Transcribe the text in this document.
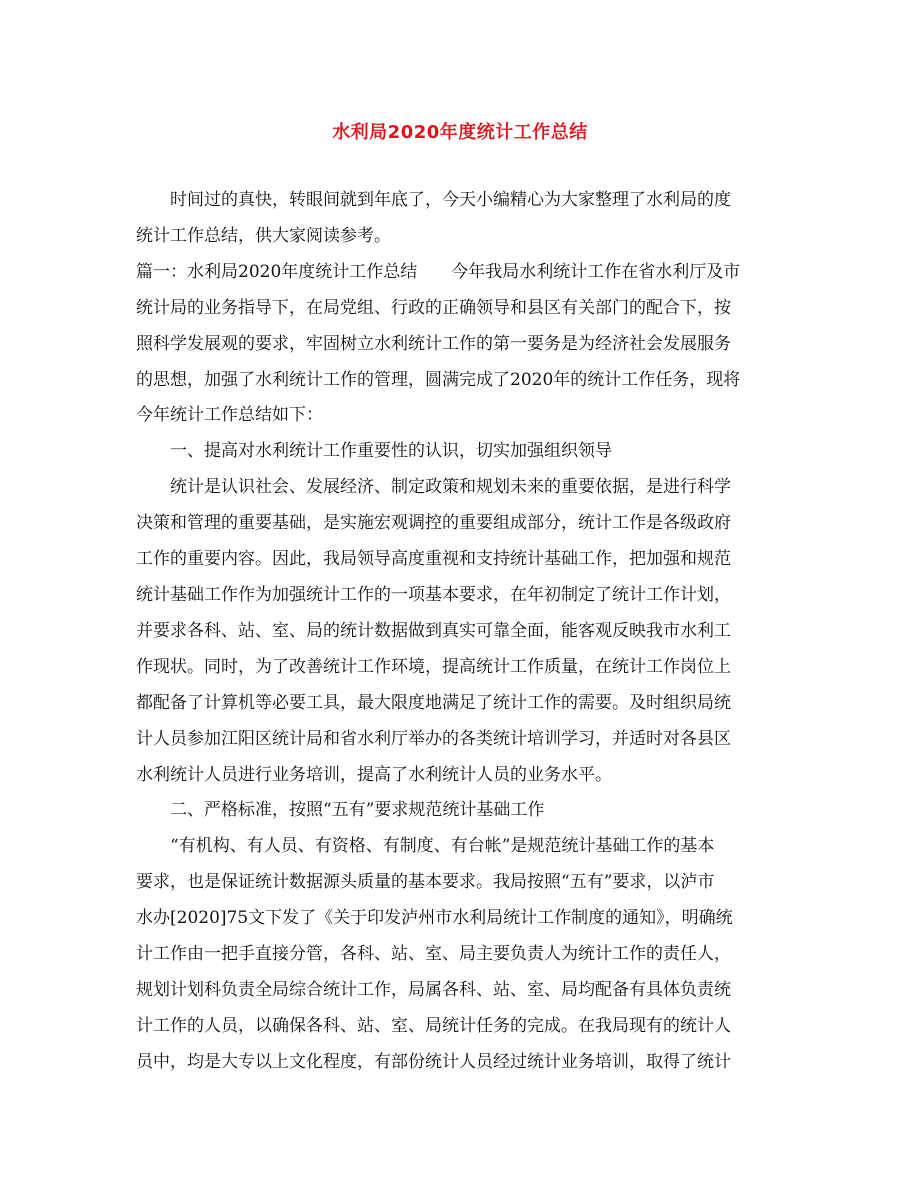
水利局2020年度统计工作总结
时间过的真快，转眼间就到年底了，今天小编精心为大家整理了水利局的度
统计工作总结，供大家阅读参考。
篇一：水利局2020年度统计工作总结　　今年我局水利统计工作在省水利厅及市
统计局的业务指导下，在局党组、行政的正确领导和县区有关部门的配合下，按
照科学发展观的要求，牢固树立水利统计工作的第一要务是为经济社会发展服务
的思想，加强了水利统计工作的管理，圆满完成了2020年的统计工作任务，现将
今年统计工作总结如下：
一、提高对水利统计工作重要性的认识，切实加强组织领导
统计是认识社会、发展经济、制定政策和规划未来的重要依据，是进行科学
决策和管理的重要基础，是实施宏观调控的重要组成部分，统计工作是各级政府
工作的重要内容。因此，我局领导高度重视和支持统计基础工作，把加强和规范
统计基础工作作为加强统计工作的一项基本要求，在年初制定了统计工作计划，
并要求各科、站、室、局的统计数据做到真实可靠全面，能客观反映我市水利工
作现状。同时，为了改善统计工作环境，提高统计工作质量，在统计工作岗位上
都配备了计算机等必要工具，最大限度地满足了统计工作的需要。及时组织局统
计人员参加江阳区统计局和省水利厅举办的各类统计培训学习，并适时对各县区
水利统计人员进行业务培训，提高了水利统计人员的业务水平。
二、严格标准，按照“五有”要求规范统计基础工作
“有机构、有人员、有资格、有制度、有台帐”是规范统计基础工作的基本
要求，也是保证统计数据源头质量的基本要求。我局按照“五有”要求，以泸市
水办[2020]75文下发了《关于印发泸州市水利局统计工作制度的通知》，明确统
计工作由一把手直接分管，各科、站、室、局主要负责人为统计工作的责任人，
规划计划科负责全局综合统计工作，局属各科、站、室、局均配备有具体负责统
计工作的人员，以确保各科、站、室、局统计任务的完成。在我局现有的统计人
员中，均是大专以上文化程度，有部份统计人员经过统计业务培训，取得了统计
